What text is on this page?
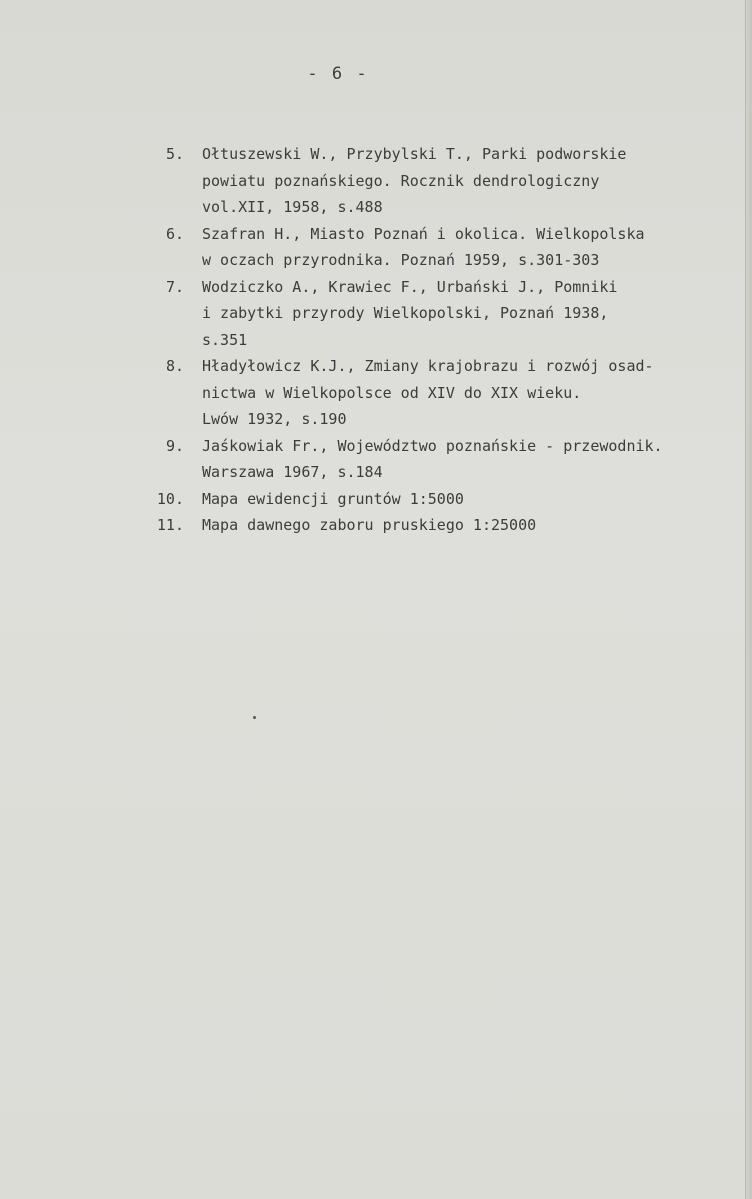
- 6 -
5. Ołtuszewski W., Przybylski T., Parki podworskie
powiatu poznańskiego. Rocznik dendrologiczny
vol.XII, 1958, s.488
6. Szafran H., Miasto Poznań i okolica. Wielkopolska
w oczach przyrodnika. Poznań 1959, s.301-303
7. Wodziczko A., Krawiec F., Urbański J., Pomniki
i zabytki przyrody Wielkopolski, Poznań 1938,
s.351
8. Hładyłowicz K.J., Zmiany krajobrazu i rozwój osad-
nictwa w Wielkopolsce od XIV do XIX wieku.
Lwów 1932, s.190
9. Jaśkowiak Fr., Województwo poznańskie - przewodnik.
Warszawa 1967, s.184
10. Mapa ewidencji gruntów 1:5000
11. Mapa dawnego zaboru pruskiego 1:25000
